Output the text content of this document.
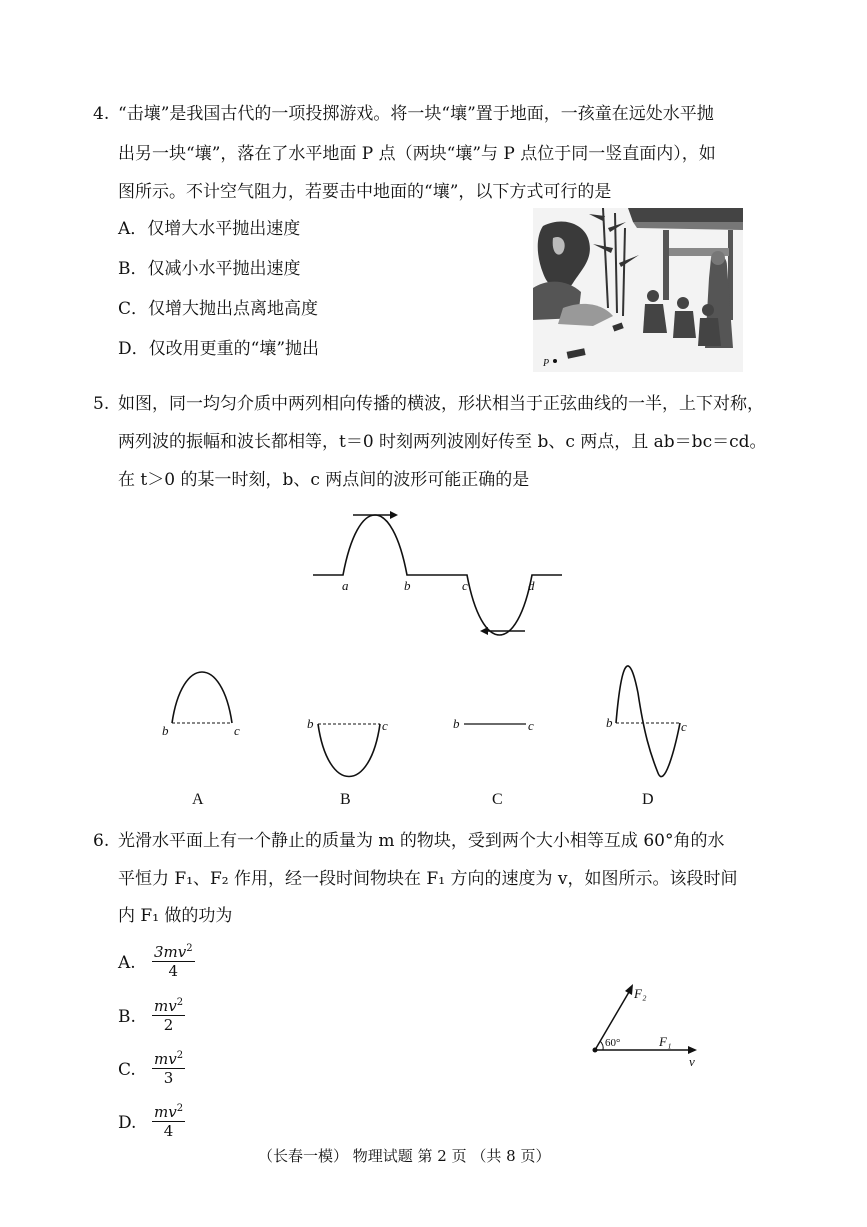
4. “击壤”是我国古代的一项投掷游戏。将一块“壤”置于地面，一孩童在远处水平抛
出另一块“壤”，落在了水平地面 P 点（两块“壤”与 P 点位于同一竖直面内），如
图所示。不计空气阻力，若要击中地面的“壤”，以下方式可行的是
A．仅增大水平抛出速度
B．仅减小水平抛出速度
C．仅增大抛出点离地高度
D．仅改用更重的“壤”抛出
P
5. 如图，同一均匀介质中两列相向传播的横波，形状相当于正弦曲线的一半，上下对称，
两列波的振幅和波长都相等，t＝0 时刻两列波刚好传至 b、c 两点，且 ab＝bc＝cd。
在 t＞0 的某一时刻，b、c 两点间的波形可能正确的是
a	b	c	d
b	c
A
b	c
B
b	c
C
b	c
D
6. 光滑水平面上有一个静止的质量为 m 的物块，受到两个大小相等互成 60°角的水
平恒力 F₁、F₂ 作用，经一段时间物块在 F₁ 方向的速度为 v，如图所示。该段时间
内 F₁ 做的功为
A.
$3mv^2$
4
B.
$mv^2$
2
C.
$mv^2$
3
D.
$mv^2$
4
F₂
F₁
v
60°
（长春一模） 物理试题 第 2 页 （共 8 页）
